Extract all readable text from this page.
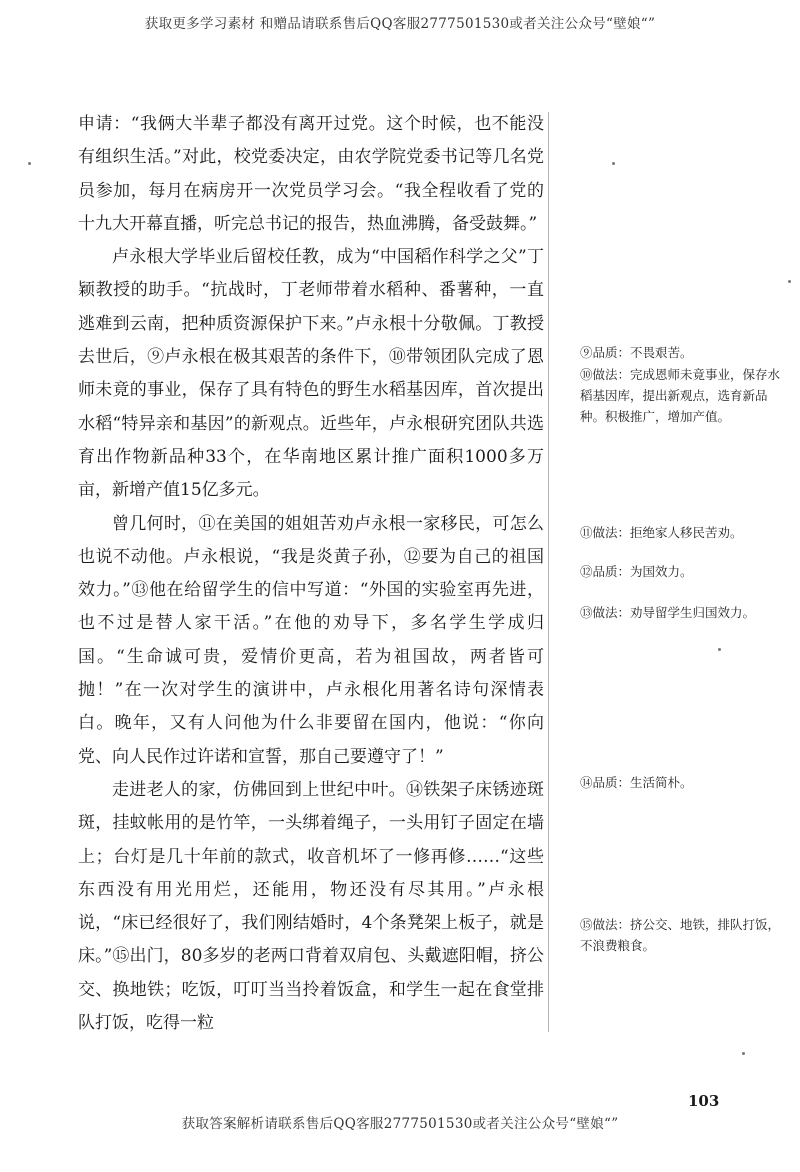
获取更多学习素材 和赠品请联系售后QQ客服2777501530或者关注公众号“壁娘“”

申请：“我俩大半辈子都没有离开过党。这个时候，也不能没有组织生活。”对此，校党委决定，由农学院党委书记等几名党员参加，每月在病房开一次党员学习会。“我全程收看了党的十九大开幕直播，听完总书记的报告，热血沸腾，备受鼓舞。”

卢永根大学毕业后留校任教，成为“中国稻作科学之父”丁颖教授的助手。“抗战时，丁老师带着水稻种、番薯种，一直逃难到云南，把种质资源保护下来。”卢永根十分敬佩。丁教授去世后，⑨卢永根在极其艰苦的条件下，⑩带领团队完成了恩师未竟的事业，保存了具有特色的野生水稻基因库，首次提出水稻“特异亲和基因”的新观点。近些年，卢永根研究团队共选育出作物新品种33个，在华南地区累计推广面积1000多万亩，新增产值15亿多元。

曾几何时，⑪在美国的姐姐苦劝卢永根一家移民，可怎么也说不动他。卢永根说，“我是炎黄子孙，⑫要为自己的祖国效力。”⑬他在给留学生的信中写道：“外国的实验室再先进，也不过是替人家干活。”在他的劝导下，多名学生学成归国。“生命诚可贵，爱情价更高，若为祖国故，两者皆可抛！”在一次对学生的演讲中，卢永根化用著名诗句深情表白。晚年，又有人问他为什么非要留在国内，他说：“你向党、向人民作过许诺和宣誓，那自己要遵守了！”

走进老人的家，仿佛回到上世纪中叶。⑭铁架子床锈迹斑斑，挂蚊帐用的是竹竿，一头绑着绳子，一头用钉子固定在墙上；台灯是几十年前的款式，收音机坏了一修再修……“这些东西没有用光用烂，还能用，物还没有尽其用。”卢永根说，“床已经很好了，我们刚结婚时，4个条凳架上板子，就是床。”⑮出门，80多岁的老两口背着双肩包、头戴遮阳帽，挤公交、换地铁；吃饭，叮叮当当拎着饭盒，和学生一起在食堂排队打饭，吃得一粒

⑨品质：不畏艰苦。
⑩做法：完成恩师未竟事业，保存水稻基因库，提出新观点，选育新品种。积极推广，增加产值。
⑪做法：拒绝家人移民苦劝。
⑫品质：为国效力。
⑬做法：劝导留学生归国效力。
⑭品质：生活简朴。
⑮做法：挤公交、地铁，排队打饭，不浪费粮食。
103
获取答案解析请联系售后QQ客服2777501530或者关注公众号“壁娘“”
